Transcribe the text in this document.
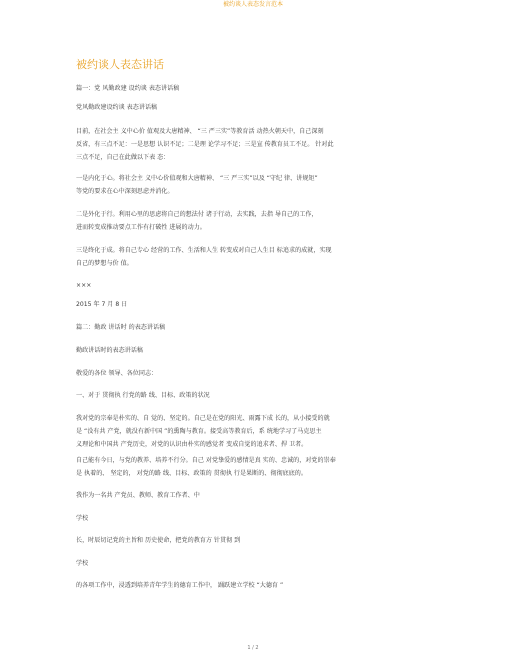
被约谈人表态发言范本
被约谈人表态讲话
篇一：党 风勤政建 设约谈 表态讲话稿
党风勤政建设约谈 表态讲话稿
目前，在社会主 义中心价 值观及大唐精神、 “三 严三实”等教育活 动热火朝天中，自己深刻
反省，有三点不足：一是思想 认识不足；二是理 论学习不足；三是宣 传教育员工不足。 针对此
三点不足，自己在此做以下表 态：
一是内化于心。将社会主 义中心价值观和大唐精神、 “三 严三实”以及 “守纪 律、讲规矩”
等党的要求在心中深刻思虑并消化。
二是外化于行。利用心里的思虑将自己的想法付 诸于行动，去实践，去指 导自己的工作，
进而转变成推动要点工作有打破性 进展的动力。
三是终化于成。将自己专心 经营的工作、生活和人生 转变成对自己人生目 标追求的成就，实现
自己的梦想与价 值。
×××
2015 年 7 月 8 日
篇二：勤政 讲话时 的表态讲话稿
勤政讲话时的表态讲话稿
敬爱的各位 领导、各位同志：
一、对于 贯彻执 行党的路 线、目标、政策的状况
我对党的宗奉是朴实的、自 觉的、坚定的。自己是在党的阳光、雨露下成 长的，从小接受的就
是 “没有共 产党，就没有新中国 ”的熏陶与教育。接受高等教育后，系 统地学习了马克思主
义理论和中国共 产党历史，对党的认识由朴实的感觉者 变成自觉的追求者、捍 卫者。
自己能有今日，与党的教养、培养不行分。自己 对党挚爱的感情是真 实的、忠诚的，对党的崇奉
是 执着的、 坚定的， 对党的路 线、目标、政策的 贯彻执 行是果断的、彻彻底底的。
我作为一名共 产党员、教师、教育工作者、中
学校
长，时辰切记党的主旨和 历史使命，把党的教育方 针贯彻 到
学校
的各项工作中，浸透到培养青年学生的德育工作中， 踊跃建立学校 “大德育 ”
1 / 2
